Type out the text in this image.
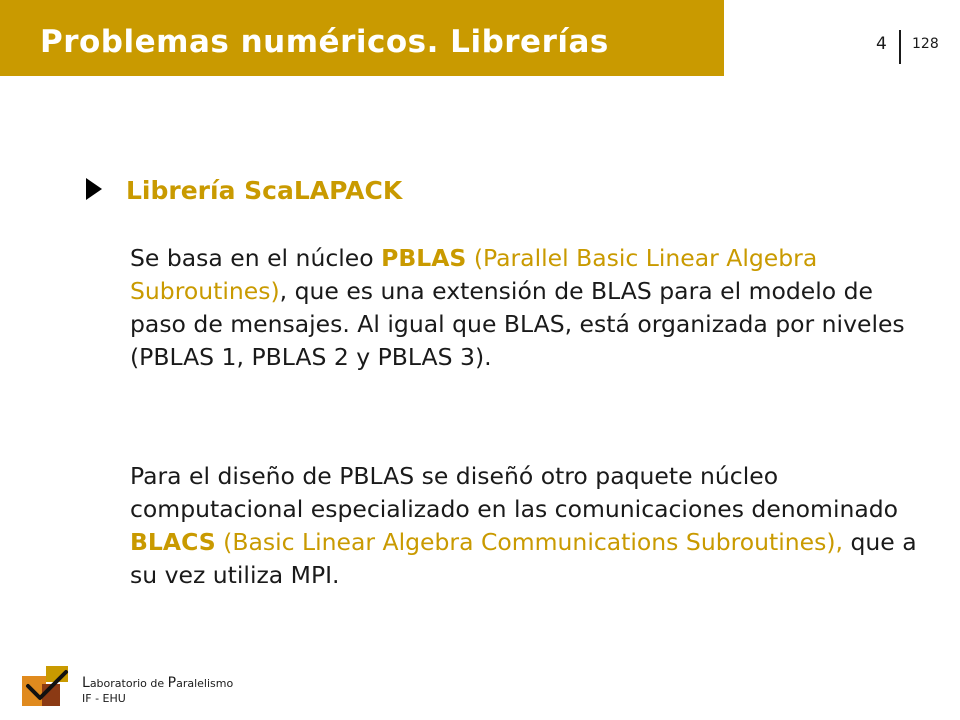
Problemas numéricos. Librerías	4 128
Librería ScaLAPACK
Se basa en el núcleo PBLAS (Parallel Basic Linear Algebra Subroutines), que es una extensión de BLAS para el modelo de paso de mensajes. Al igual que BLAS, está organizada por niveles (PBLAS 1, PBLAS 2 y PBLAS 3).
Para el diseño de PBLAS se diseñó otro paquete núcleo computacional especializado en las comunicaciones denominado BLACS (Basic Linear Algebra Communications Subroutines), que a su vez utiliza MPI.
Laboratorio de Paralelismo
IF - EHU
